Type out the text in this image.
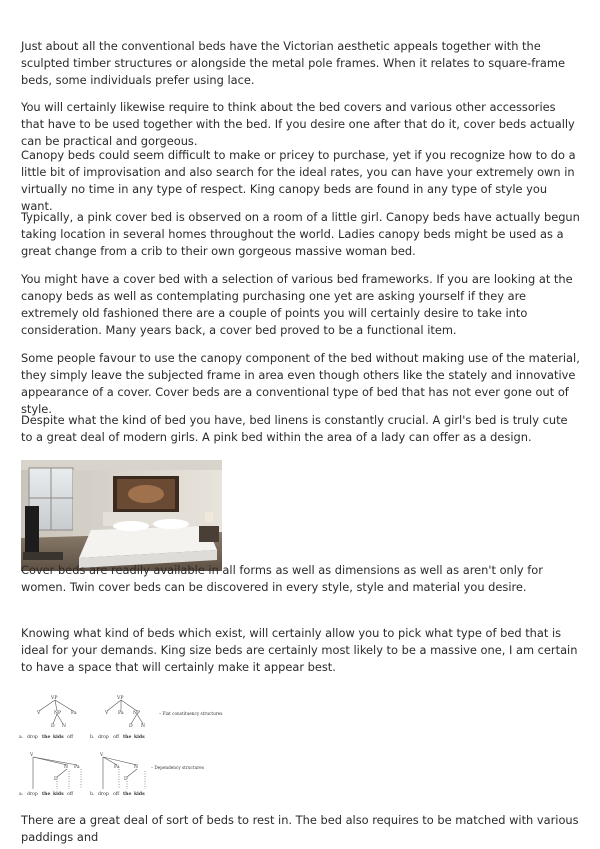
Just about all the conventional beds have the Victorian aesthetic appeals together with the sculpted timber structures or alongside the metal pole frames. When it relates to square-frame beds, some individuals prefer using lace.

You will certainly likewise require to think about the bed covers and various other accessories that have to be used together with the bed. If you desire one after that do it, cover beds actually can be practical and gorgeous.

Canopy beds could seem difficult to make or pricey to purchase, yet if you recognize how to do a little bit of improvisation and also search for the ideal rates, you can have your extremely own in virtually no time in any type of respect. King canopy beds are found in any type of style you want.

Typically, a pink cover bed is observed on a room of a little girl. Canopy beds have actually begun taking location in several homes throughout the world. Ladies canopy beds might be used as a great change from a crib to their own gorgeous massive woman bed.

You might have a cover bed with a selection of various bed frameworks. If you are looking at the canopy beds as well as contemplating purchasing one yet are asking yourself if they are extremely old fashioned there are a couple of points you will certainly desire to take into consideration. Many years back, a cover bed proved to be a functional item.

Some people favour to use the canopy component of the bed without making use of the material, they simply leave the subjected frame in area even though others like the stately and innovative appearance of a cover. Cover beds are a conventional type of bed that has not ever gone out of style.

Despite what the kind of bed you have, bed linens is constantly crucial. A girl's bed is truly cute to a great deal of modern girls. A pink bed within the area of a lady can offer as a design.

Cover beds are readily available in all forms as well as dimensions as well as aren't only for women. Twin cover beds can be discovered in every style, style and material you desire.

Knowing what kind of beds which exist, will certainly allow you to pick what type of bed that is ideal for your demands. King size beds are certainly most likely to be a massive one, I am certain to have a space that will certainly make it appear best.

VP
V	NP Pa
D N
a. drop the kids off
VP
V Pa NP
D N
b. drop off the kids
– Flat constituency structures
V
N Pa
D
a. drop the kids off
V
Pa	N
D
b. drop off the kids
– Dependency structures

There are a great deal of sort of beds to rest in. The bed also requires to be matched with various paddings and
